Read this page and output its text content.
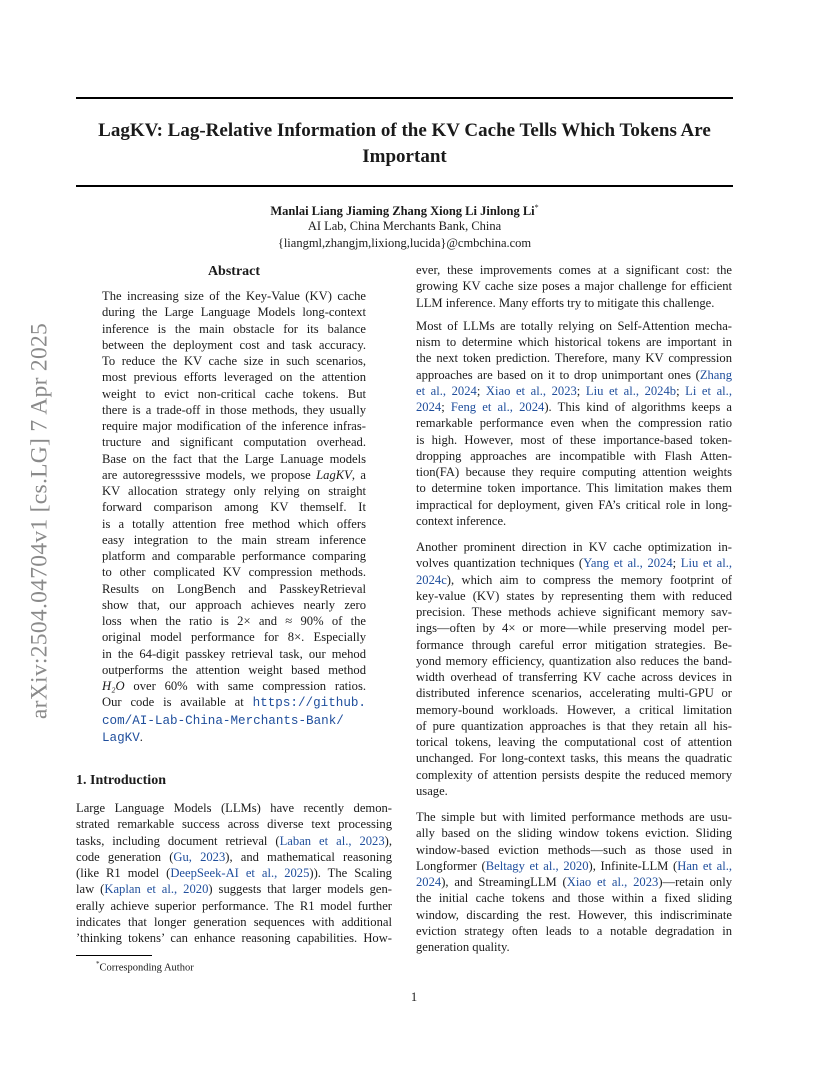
LagKV: Lag-Relative Information of the KV Cache Tells Which Tokens Are
Important
Manlai Liang Jiaming Zhang Xiong Li Jinlong Li*
AI Lab, China Merchants Bank, China
{liangml,zhangjm,lixiong,lucida}@cmbchina.com
arXiv:2504.04704v1 [cs.LG] 7 Apr 2025
Abstract
The increasing size of the Key-Value (KV) cache
during the Large Language Models long-context
inference is the main obstacle for its balance
between the deployment cost and task accuracy.
To reduce the KV cache size in such scenarios,
most previous efforts leveraged on the attention
weight to evict non-critical cache tokens. But
there is a trade-off in those methods, they usually
require major modification of the inference infras-
tructure and significant computation overhead.
Base on the fact that the Large Lanuage models
are autoregresssive models, we propose LagKV, a
KV allocation strategy only relying on straight
forward comparison among KV themself. It
is a totally attention free method which offers
easy integration to the main stream inference
platform and comparable performance comparing
to other complicated KV compression methods.
Results on LongBench and PasskeyRetrieval
show that, our approach achieves nearly zero
loss when the ratio is 2× and ≈ 90% of the
original model performance for 8×. Especially
in the 64-digit passkey retrieval task, our mehod
outperforms the attention weight based method
H₂O over 60% with same compression ratios.
Our code is available at https://github.
com/AI-Lab-China-Merchants-Bank/
LagKV.
1. Introduction
Large Language Models (LLMs) have recently demon-
strated remarkable success across diverse text processing
tasks, including document retrieval (Laban et al., 2023),
code generation (Gu, 2023), and mathematical reasoning
(like R1 model (DeepSeek-AI et al., 2025)). The Scaling
law (Kaplan et al., 2020) suggests that larger models gen-
erally achieve superior performance. The R1 model further
indicates that longer generation sequences with additional
’thinking tokens’ can enhance reasoning capabilities. How-
ever, these improvements comes at a significant cost: the
growing KV cache size poses a major challenge for efficient
LLM inference. Many efforts try to mitigate this challenge.
Most of LLMs are totally relying on Self-Attention mecha-
nism to determine which historical tokens are important in
the next token prediction. Therefore, many KV compression
approaches are based on it to drop unimportant ones (Zhang
et al., 2024; Xiao et al., 2023; Liu et al., 2024b; Li et al.,
2024; Feng et al., 2024). This kind of algorithms keeps a
remarkable performance even when the compression ratio
is high. However, most of these importance-based token-
dropping approaches are incompatible with Flash Atten-
tion(FA) because they require computing attention weights
to determine token importance. This limitation makes them
impractical for deployment, given FA’s critical role in long-
context inference.
Another prominent direction in KV cache optimization in-
volves quantization techniques (Yang et al., 2024; Liu et al.,
2024c), which aim to compress the memory footprint of
key-value (KV) states by representing them with reduced
precision. These methods achieve significant memory sav-
ings—often by 4× or more—while preserving model per-
formance through careful error mitigation strategies. Be-
yond memory efficiency, quantization also reduces the band-
width overhead of transferring KV cache across devices in
distributed inference scenarios, accelerating multi-GPU or
memory-bound workloads. However, a critical limitation
of pure quantization approaches is that they retain all his-
torical tokens, leaving the computational cost of attention
unchanged. For long-context tasks, this means the quadratic
complexity of attention persists despite the reduced memory
usage.
The simple but with limited performance methods are usu-
ally based on the sliding window tokens eviction. Sliding
window-based eviction methods—such as those used in
Longformer (Beltagy et al., 2020), Infinite-LLM (Han et al.,
2024), and StreamingLLM (Xiao et al., 2023)—retain only
the initial cache tokens and those within a fixed sliding
window, discarding the rest. However, this indiscriminate
eviction strategy often leads to a notable degradation in
generation quality.
*Corresponding Author
1
